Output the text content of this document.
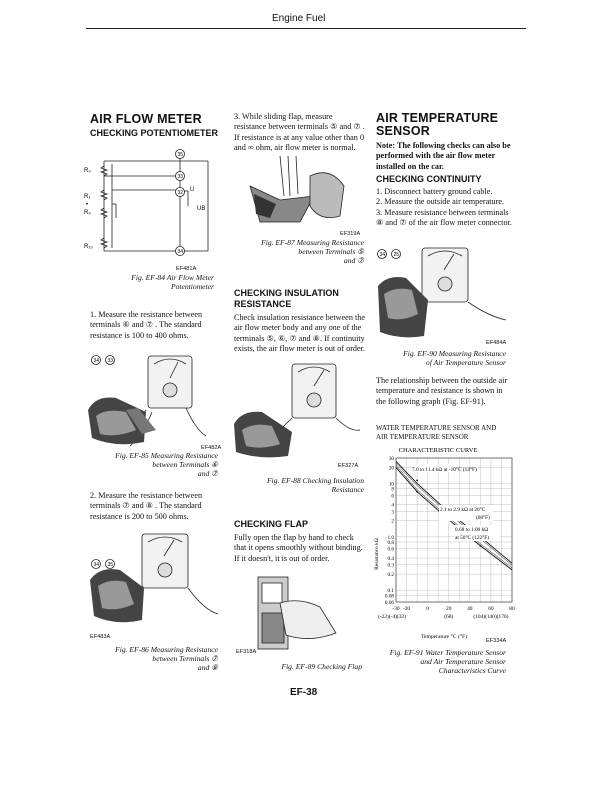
Engine Fuel
AIR FLOW METER
CHECKING POTENTIOMETER
R₀
R₁
•
R₉
R₁₀
35
33
32
34
U
UB
EF481A
Fig. EF-84 Air Flow Meter
Potentiometer
1. Measure the resistance between terminals ⑥ and ⑦ . The standard resistance is 100 to 400 ohms.
34 33
EF482A
Fig. EF-85 Measuring Resistance
between Terminals ⑥
and ⑦
2. Measure the resistance between terminals ⑦ and ⑧ . The standard resistance is 200 to 500 ohms.
34 35
EF483A
Fig. EF-86 Measuring Resistance
between Terminals ⑦
and ⑧
3. While sliding flap, measure resistance between terminals ⑤ and ⑦ . If resistance is at any value other than 0 and ∞ ohm, air flow meter is normal.
EF319A
Fig. EF-87 Measuring Resistance
between Terminals ⑤
and ⑦
CHECKING INSULATION
RESISTANCE
Check insulation resistance between the air flow meter body and any one of the terminals ⑤, ⑥, ⑦ and ⑧. If continuity exists, the air flow meter is out of order.
EF327A
Fig. EF-88 Checking Insulation
Resistance
CHECKING FLAP
Fully open the flap by hand to check that it opens smoothly without binding. If it doesn't, it is out of order.
EF318A
Fig. EF-89 Checking Flap
EF-38
AIR TEMPERATURE
SENSOR
Note: The following checks can also be performed with the air flow meter installed on the car.
CHECKING CONTINUITY
1. Disconnect battery ground cable.
2. Measure the outside air temperature.
3. Measure resistance between terminals ⑧ and ⑦ of the air flow meter connector.
34 25
EF484A
Fig. EF-90 Measuring Resistance
of Air Temperature Sensor
The relationship between the outside air temperature and resistance is shown in the following graph (Fig. EF-91).
WATER TEMPERATURE SENSOR AND
AIR TEMPERATURE SENSOR
CHARACTERISTIC CURVE
30
20
10
8
6
4
3
2
1.0
0.8
0.6
0.4
0.3
0.2
0.1
0.08
0.06
-30 -20	0	20	40	60	80
(-22)(-4)(32)	(68)	(104)(140)(176)
Resistance kΩ
7.0 to 11.4 kΩ at -10°C (14°F)
2.1 to 2.9 kΩ at 20°C
(68°F)
0.68 to 1.00 kΩ
at 50°C (122°F)
Temperature °C (°F)
EF334A
Fig. EF-91 Water Temperature Sensor
and Air Temperature Sensor
Characteristics Curve
